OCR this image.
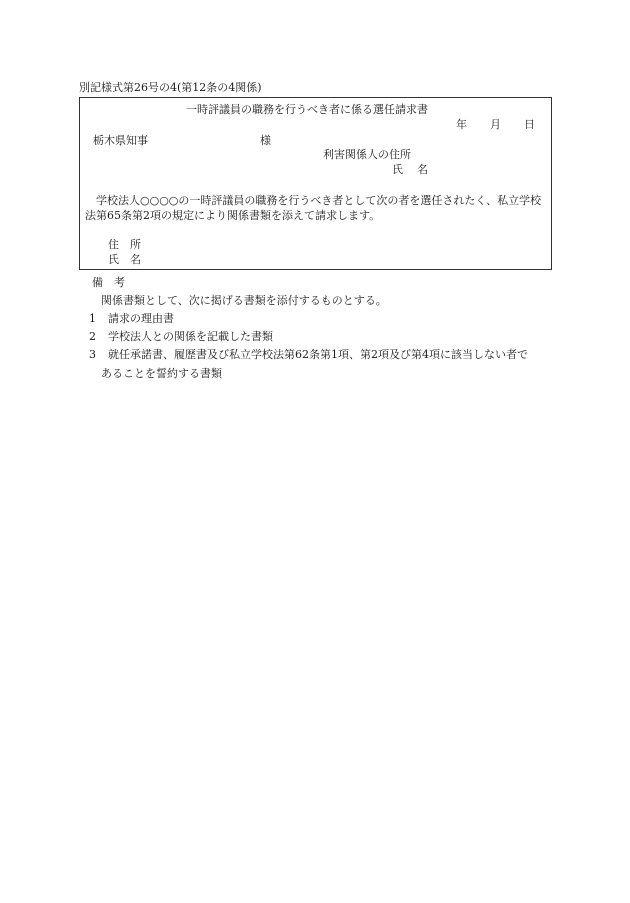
別記様式第26号の4(第12条の4関係)
一時評議員の職務を行うべき者に係る選任請求書
年 月 日
栃木県知事	様
利害関係人の住所
氏 名
学校法人○○○○の一時評議員の職務を行うべき者として次の者を選任されたく、私立学校法第65条第2項の規定により関係書類を添えて請求します。
住 所
氏 名
備 考
関係書類として、次に掲げる書類を添付するものとする。
1 請求の理由書
2 学校法人との関係を記載した書類
3 就任承諾書、履歴書及び私立学校法第62条第1項、第2項及び第4項に該当しない者で
あることを誓約する書類
